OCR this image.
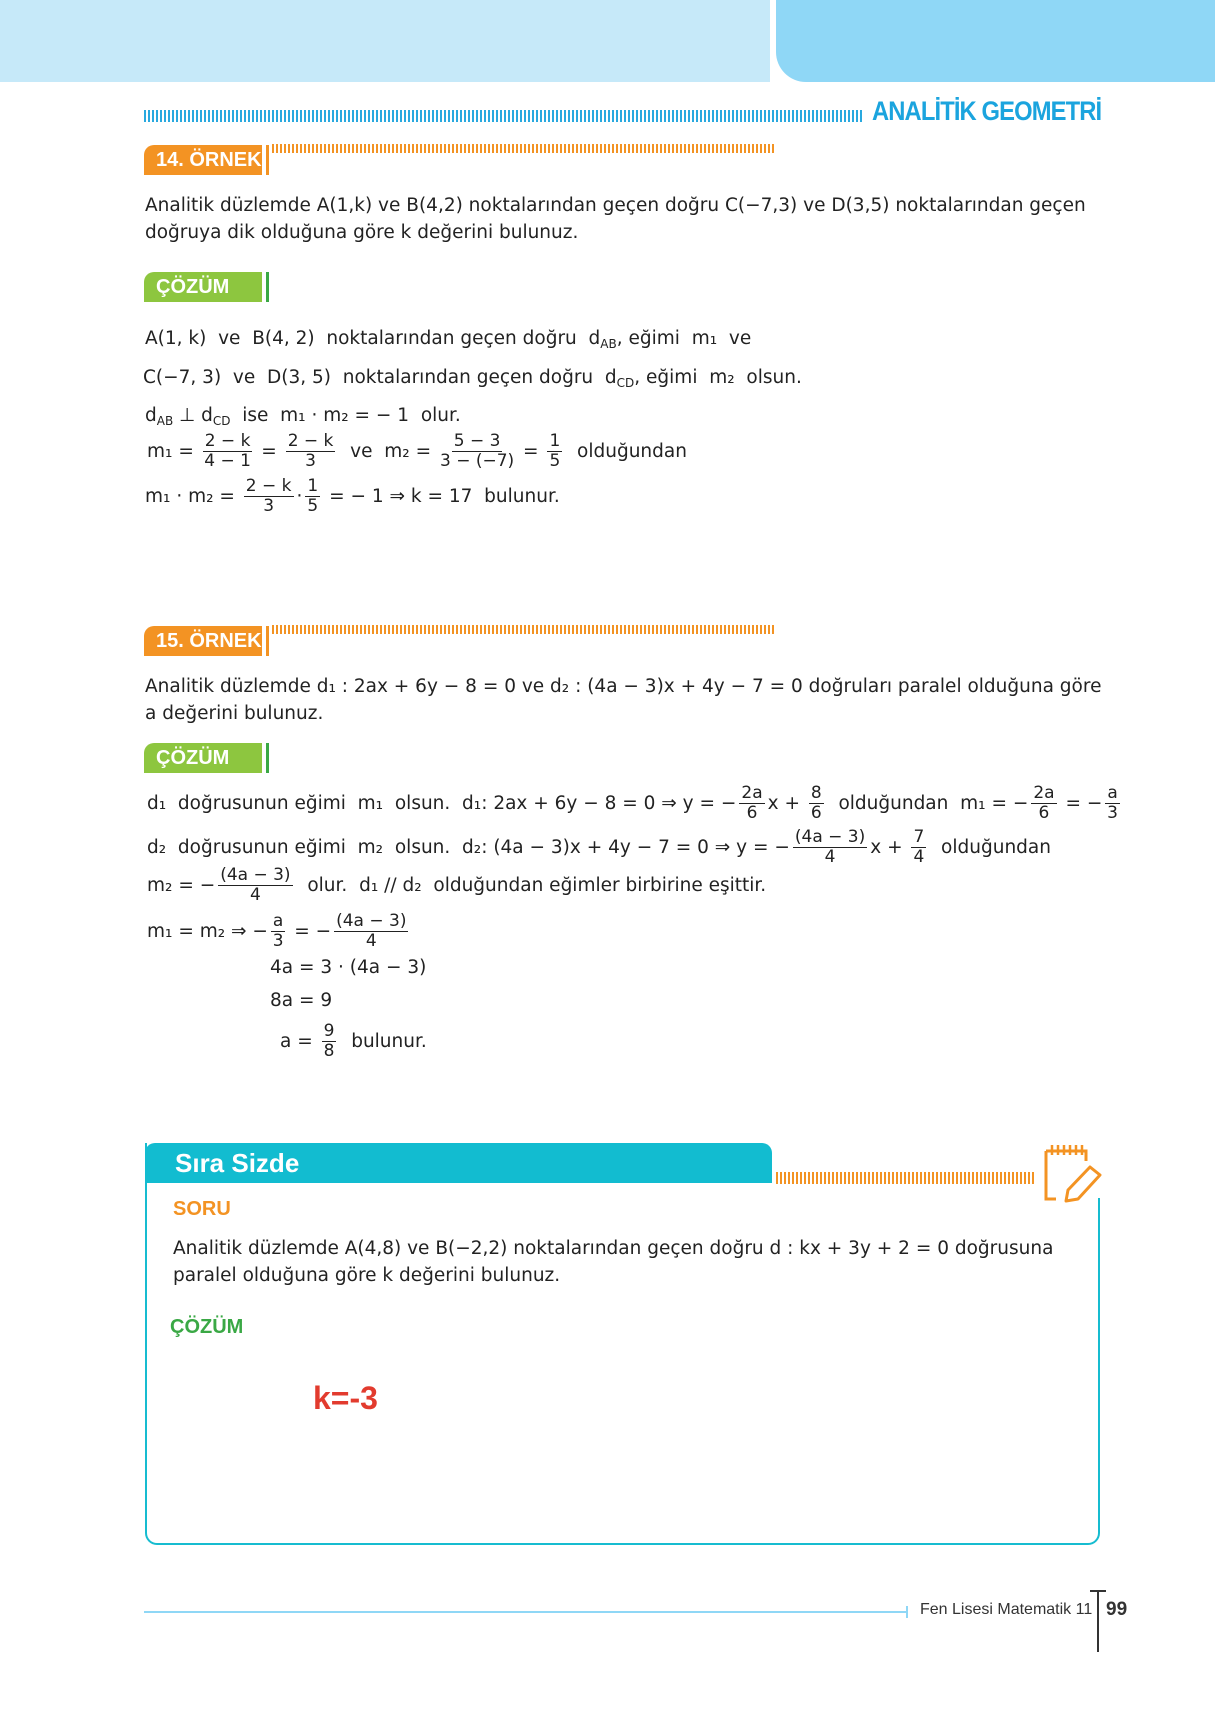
ANALİTİK GEOMETRİ
14. ÖRNEK
Analitik düzlemde A(1,k) ve B(4,2) noktalarından geçen doğru C(−7,3) ve D(3,5) noktalarından geçen doğruya dik olduğuna göre k değerini bulunuz.
ÇÖZÜM
A(1, k)  ve  B(4, 2)  noktalarından geçen doğru  d AB , eğimi  m₁  ve
C(−7, 3)  ve  D(3, 5)  noktalarından geçen doğru  d CD , eğimi  m₂  olsun.
d AB ⊥ d CD ise  m₁ · m₂ = − 1  olur.
$m_1 = \frac{2 - k}{4 - 1} = \frac{2 - k}{3}$ ve  $m_2 = \frac{5 - 3}{3 - (-7)} = \frac{1}{5}$ olduğundan
$m_1 \cdot m_2 = \frac{2 - k}{3} \cdot \frac{1}{5}$ = − 1 ⇒ k = 17  bulunur.
15. ÖRNEK
Analitik düzlemde d₁ : 2ax + 6y − 8 = 0 ve d₂ : (4a − 3)x + 4y − 7 = 0 doğruları paralel olduğuna göre a değerini bulunuz.
ÇÖZÜM
d₁  doğrusunun eğimi  m₁  olsun.  d₁: 2ax + 6y − 8 = 0 ⇒ y = − $\frac{2a}{6}$ $x + \frac{8}{6}$ olduğundan  m₁ = − $\frac{2a}{6}$ = − $\frac{a}{3}$
d₂  doğrusunun eğimi  m₂  olsun.  d₂: (4a − 3)x + 4y − 7 = 0 ⇒ y = − $\frac{(4a - 3)}{4}$ $x + \frac{7}{4}$ olduğundan
m₂ = − $\frac{(4a - 3)}{4}$ olur.  d₁ ∕∕ d₂  olduğundan eğimler birbirine eşittir.
m₁ = m₂ ⇒ − $\frac{a}{3}$ = − $\frac{(4a - 3)}{4}$
4a = 3 · (4a − 3)
8a = 9
$a = \frac{9}{8}$ bulunur.
Sıra Sizde
SORU
Analitik düzlemde A(4,8) ve B(−2,2) noktalarından geçen doğru d : kx + 3y + 2 = 0 doğrusuna paralel olduğuna göre k değerini bulunuz.
ÇÖZÜM
k=-3
Fen Lisesi Matematik 11 99
